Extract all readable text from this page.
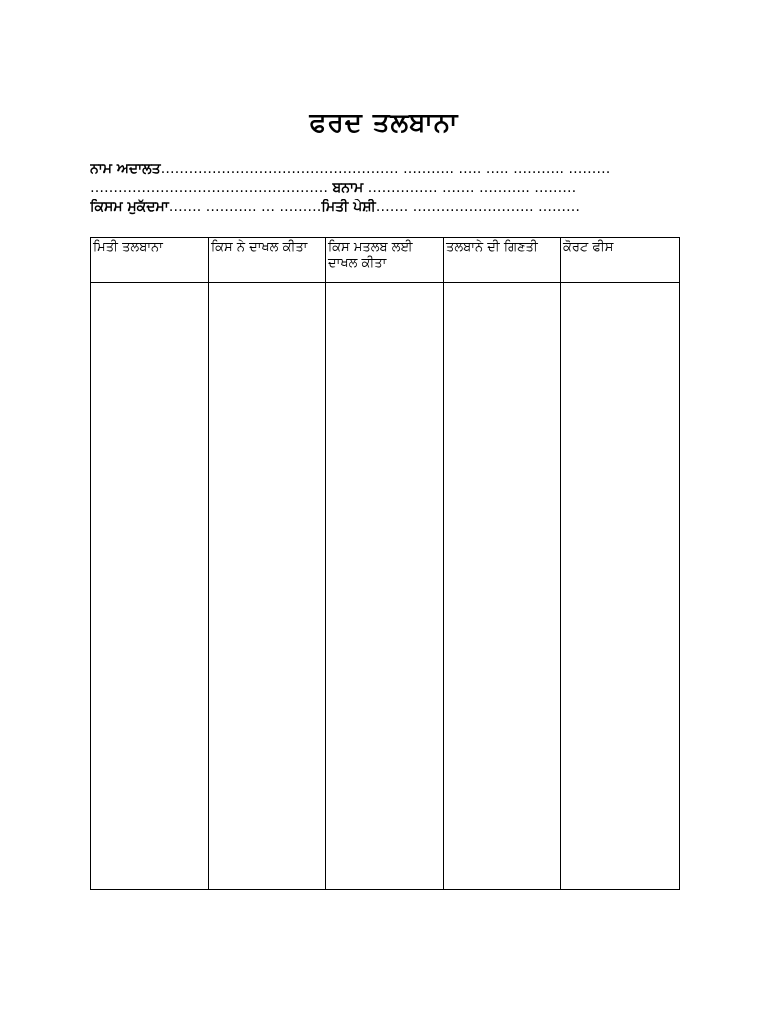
ਫਰਦ ਤਲਬਾਨਾ
ਨਾਮ ਅਦਾਲਤ…………………………………………… ……….. ….. ….. ……….. ………
…………………………………………… ਬਨਾਮ …………… ……. ……….. ………
ਕਿਸਮ ਮੁਕੱਦਮਾ……. ……….. … ………ਮਿਤੀ ਪੇਸ਼ੀ……. …………………….. ………
ਮਿਤੀ ਤਲਬਾਨਾ	ਕਿਸ ਨੇ ਦਾਖਲ ਕੀਤਾ	ਕਿਸ ਮਤਲਬ ਲਈ ਦਾਖਲ ਕੀਤਾ	ਤਲਬਾਨੇ ਦੀ ਗਿਣਤੀ	ਕੋਰਟ ਫੀਸ
